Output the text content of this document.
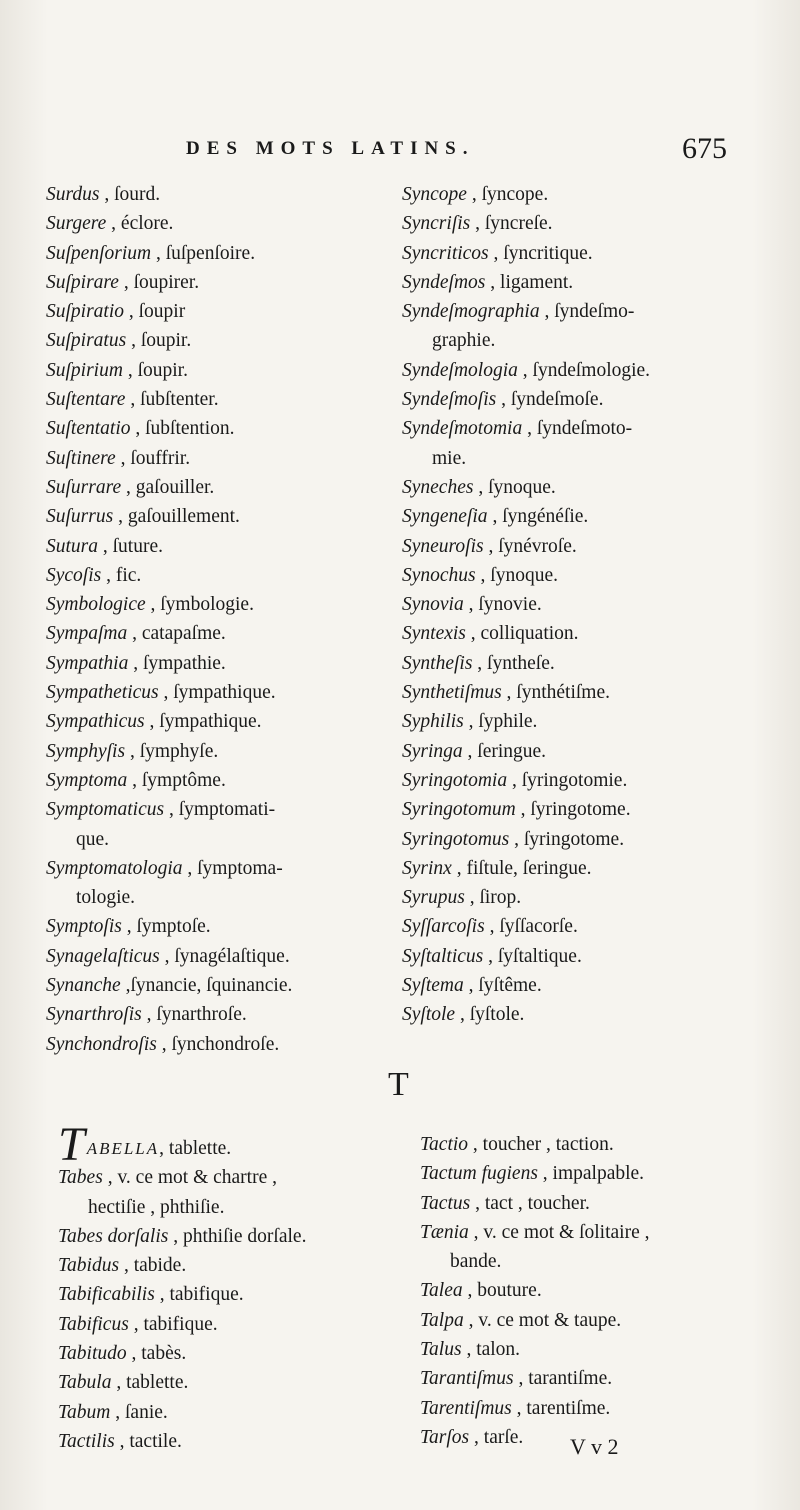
DES MOTS LATINS.	675
Surdus , ſourd.
Surgere , éclore.
Suſpenſorium , ſuſpenſoire.
Suſpirare , ſoupirer.
Suſpiratio , ſoupir
Suſpiratus , ſoupir.
Suſpirium , ſoupir.
Suſtentare , ſubſtenter.
Suſtentatio , ſubſtention.
Suſtinere , ſouffrir.
Suſurrare , gaſouiller.
Suſurrus , gaſouillement.
Sutura , ſuture.
Sycoſis , fic.
Symbologice , ſymbologie.
Sympaſma , catapaſme.
Sympathia , ſympathie.
Sympatheticus , ſympathique.
Sympathicus , ſympathique.
Symphyſis , ſymphyſe.
Symptoma , ſymptôme.
Symptomaticus , ſymptomati-
que.
Symptomatologia , ſymptoma-
tologie.
Symptoſis , ſymptoſe.
Synagelaſticus , ſynagélaſtique.
Synanche ,ſynancie, ſquinancie.
Synarthroſis , ſynarthroſe.
Synchondroſis , ſynchondroſe.
Syncope , ſyncope.
Syncriſis , ſyncreſe.
Syncriticos , ſyncritique.
Syndeſmos , ligament.
Syndeſmographia , ſyndeſmo-
graphie.
Syndeſmologia , ſyndeſmologie.
Syndeſmoſis , ſyndeſmoſe.
Syndeſmotomia , ſyndeſmoto-
mie.
Syneches , ſynoque.
Syngeneſia , ſyngénéſie.
Syneuroſis , ſynévroſe.
Synochus , ſynoque.
Synovia , ſynovie.
Syntexis , colliquation.
Syntheſis , ſyntheſe.
Synthetiſmus , ſynthétiſme.
Syphilis , ſyphile.
Syringa , ſeringue.
Syringotomia , ſyringotomie.
Syringotomum , ſyringotome.
Syringotomus , ſyringotome.
Syrinx , fiſtule, ſeringue.
Syrupus , ſirop.
Syſſarcoſis , ſyſſacorſe.
Syſtalticus , ſyſtaltique.
Syſtema , ſyſtême.
Syſtole , ſyſtole.
T
TABELLA, tablette.
Tabes , v. ce mot & chartre ,
hectiſie , phthiſie.
Tabes dorſalis , phthiſie dorſale.
Tabidus , tabide.
Tabificabilis , tabifique.
Tabificus , tabifique.
Tabitudo , tabès.
Tabula , tablette.
Tabum , ſanie.
Tactilis , tactile.
Tactio , toucher , taction.
Tactum fugiens , impalpable.
Tactus , tact , toucher.
Tænia , v. ce mot & ſolitaire ,
bande.
Talea , bouture.
Talpa , v. ce mot & taupe.
Talus , talon.
Tarantiſmus , tarantiſme.
Tarentiſmus , tarentiſme.
Tarſos , tarſe.	V v 2
